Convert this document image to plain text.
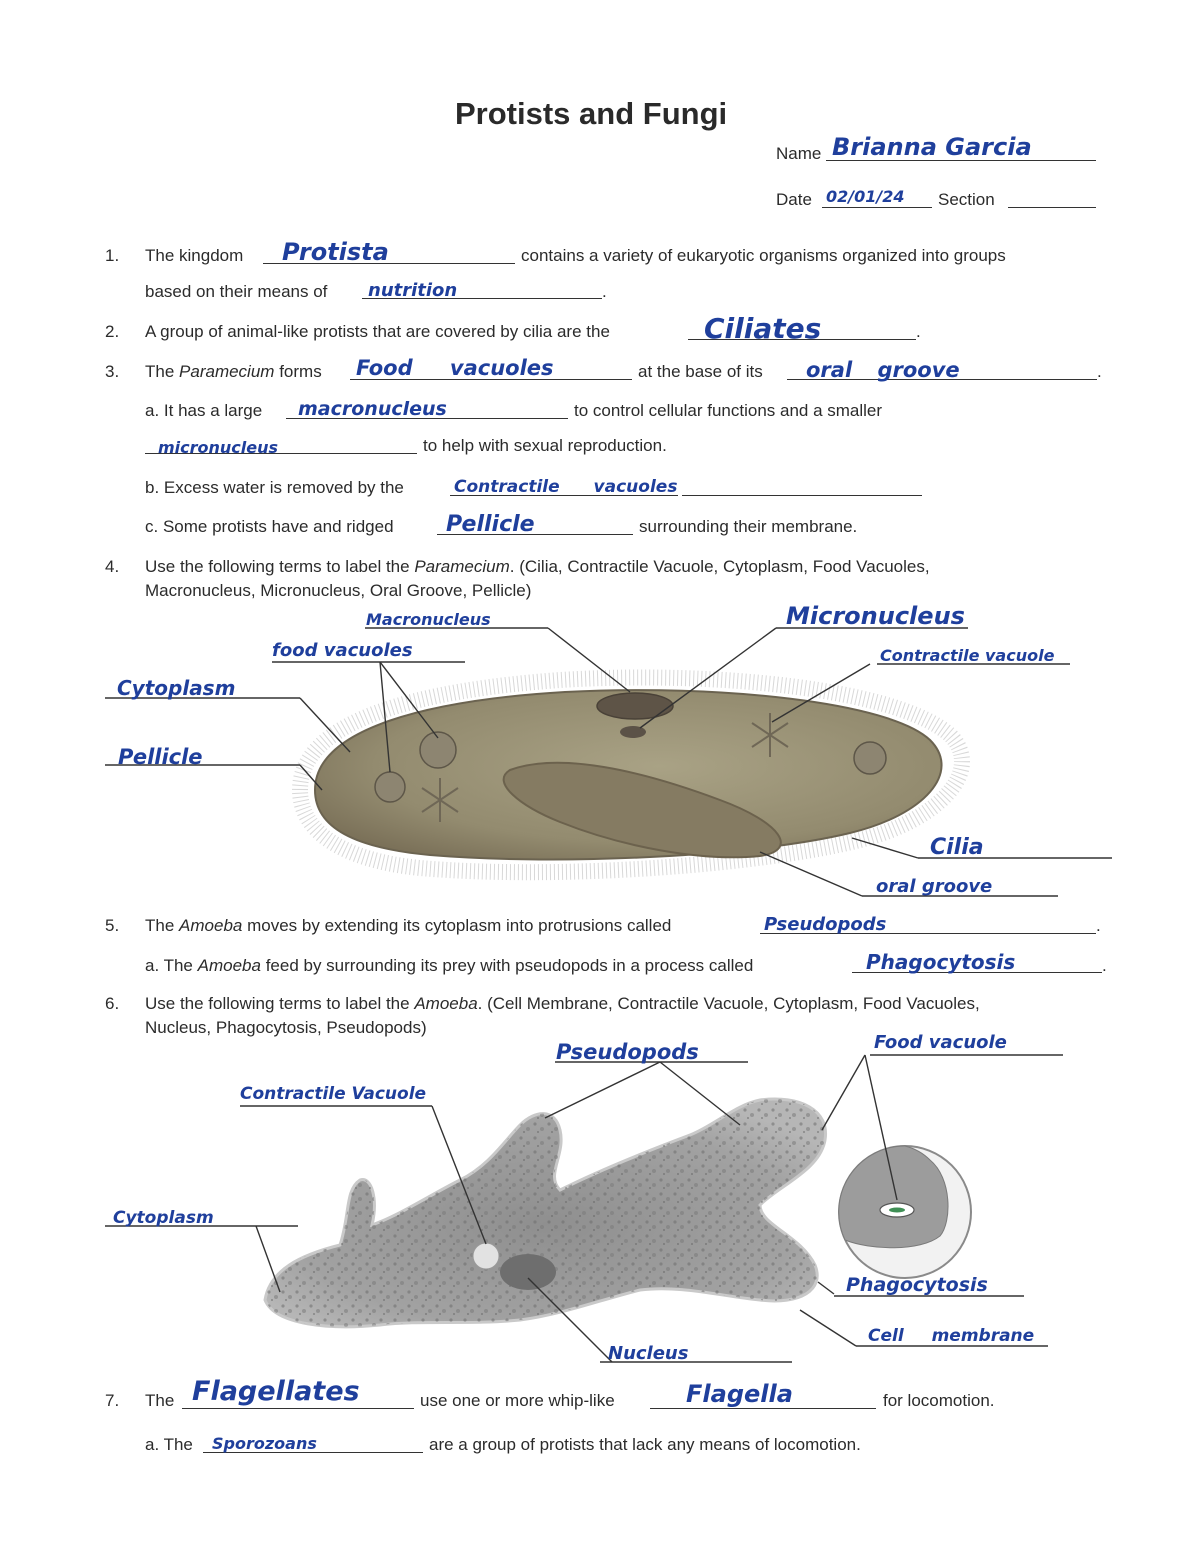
Protists and Fungi
Name Brianna Garcia
Date 02/01/24 Section
1. The kingdom Protista	contains a variety of eukaryotic organisms organized into groups
based on their means of nutrition	.
2. A group of animal-like protists that are covered by cilia are the	Ciliates	.
3. The Paramecium forms Food vacuoles	at the base of its oral groove	.
a. It has a large macronucleus	to control cellular functions and a smaller
micronucleus	to help with sexual reproduction.
b. Excess water is removed by the	Contractile vacuoles
c. Some protists have and ridged Pellicle	surrounding their membrane.
4. Use the following terms to label the Paramecium. (Cilia, Contractile Vacuole, Cytoplasm, Food Vacuoles,
Macronucleus, Micronucleus, Oral Groove, Pellicle)
Macronucleus	Micronucleus
food vacuoles	Contractile vacuole
Cytoplasm
Pellicle
Cilia
oral groove
5. The Amoeba moves by extending its cytoplasm into protrusions called	Pseudopods	.
a. The Amoeba feed by surrounding its prey with pseudopods in a process called	Phagocytosis	.
6. Use the following terms to label the Amoeba. (Cell Membrane, Contractile Vacuole, Cytoplasm, Food Vacuoles,
Nucleus, Phagocytosis, Pseudopods)
Pseudopods	Food vacuole
Contractile Vacuole
Cytoplasm
Phagocytosis
Cell membrane
Nucleus
7. The Flagellates	use one or more whip-like	Flagella	for locomotion.
a. The Sporozoans	are a group of protists that lack any means of locomotion.
